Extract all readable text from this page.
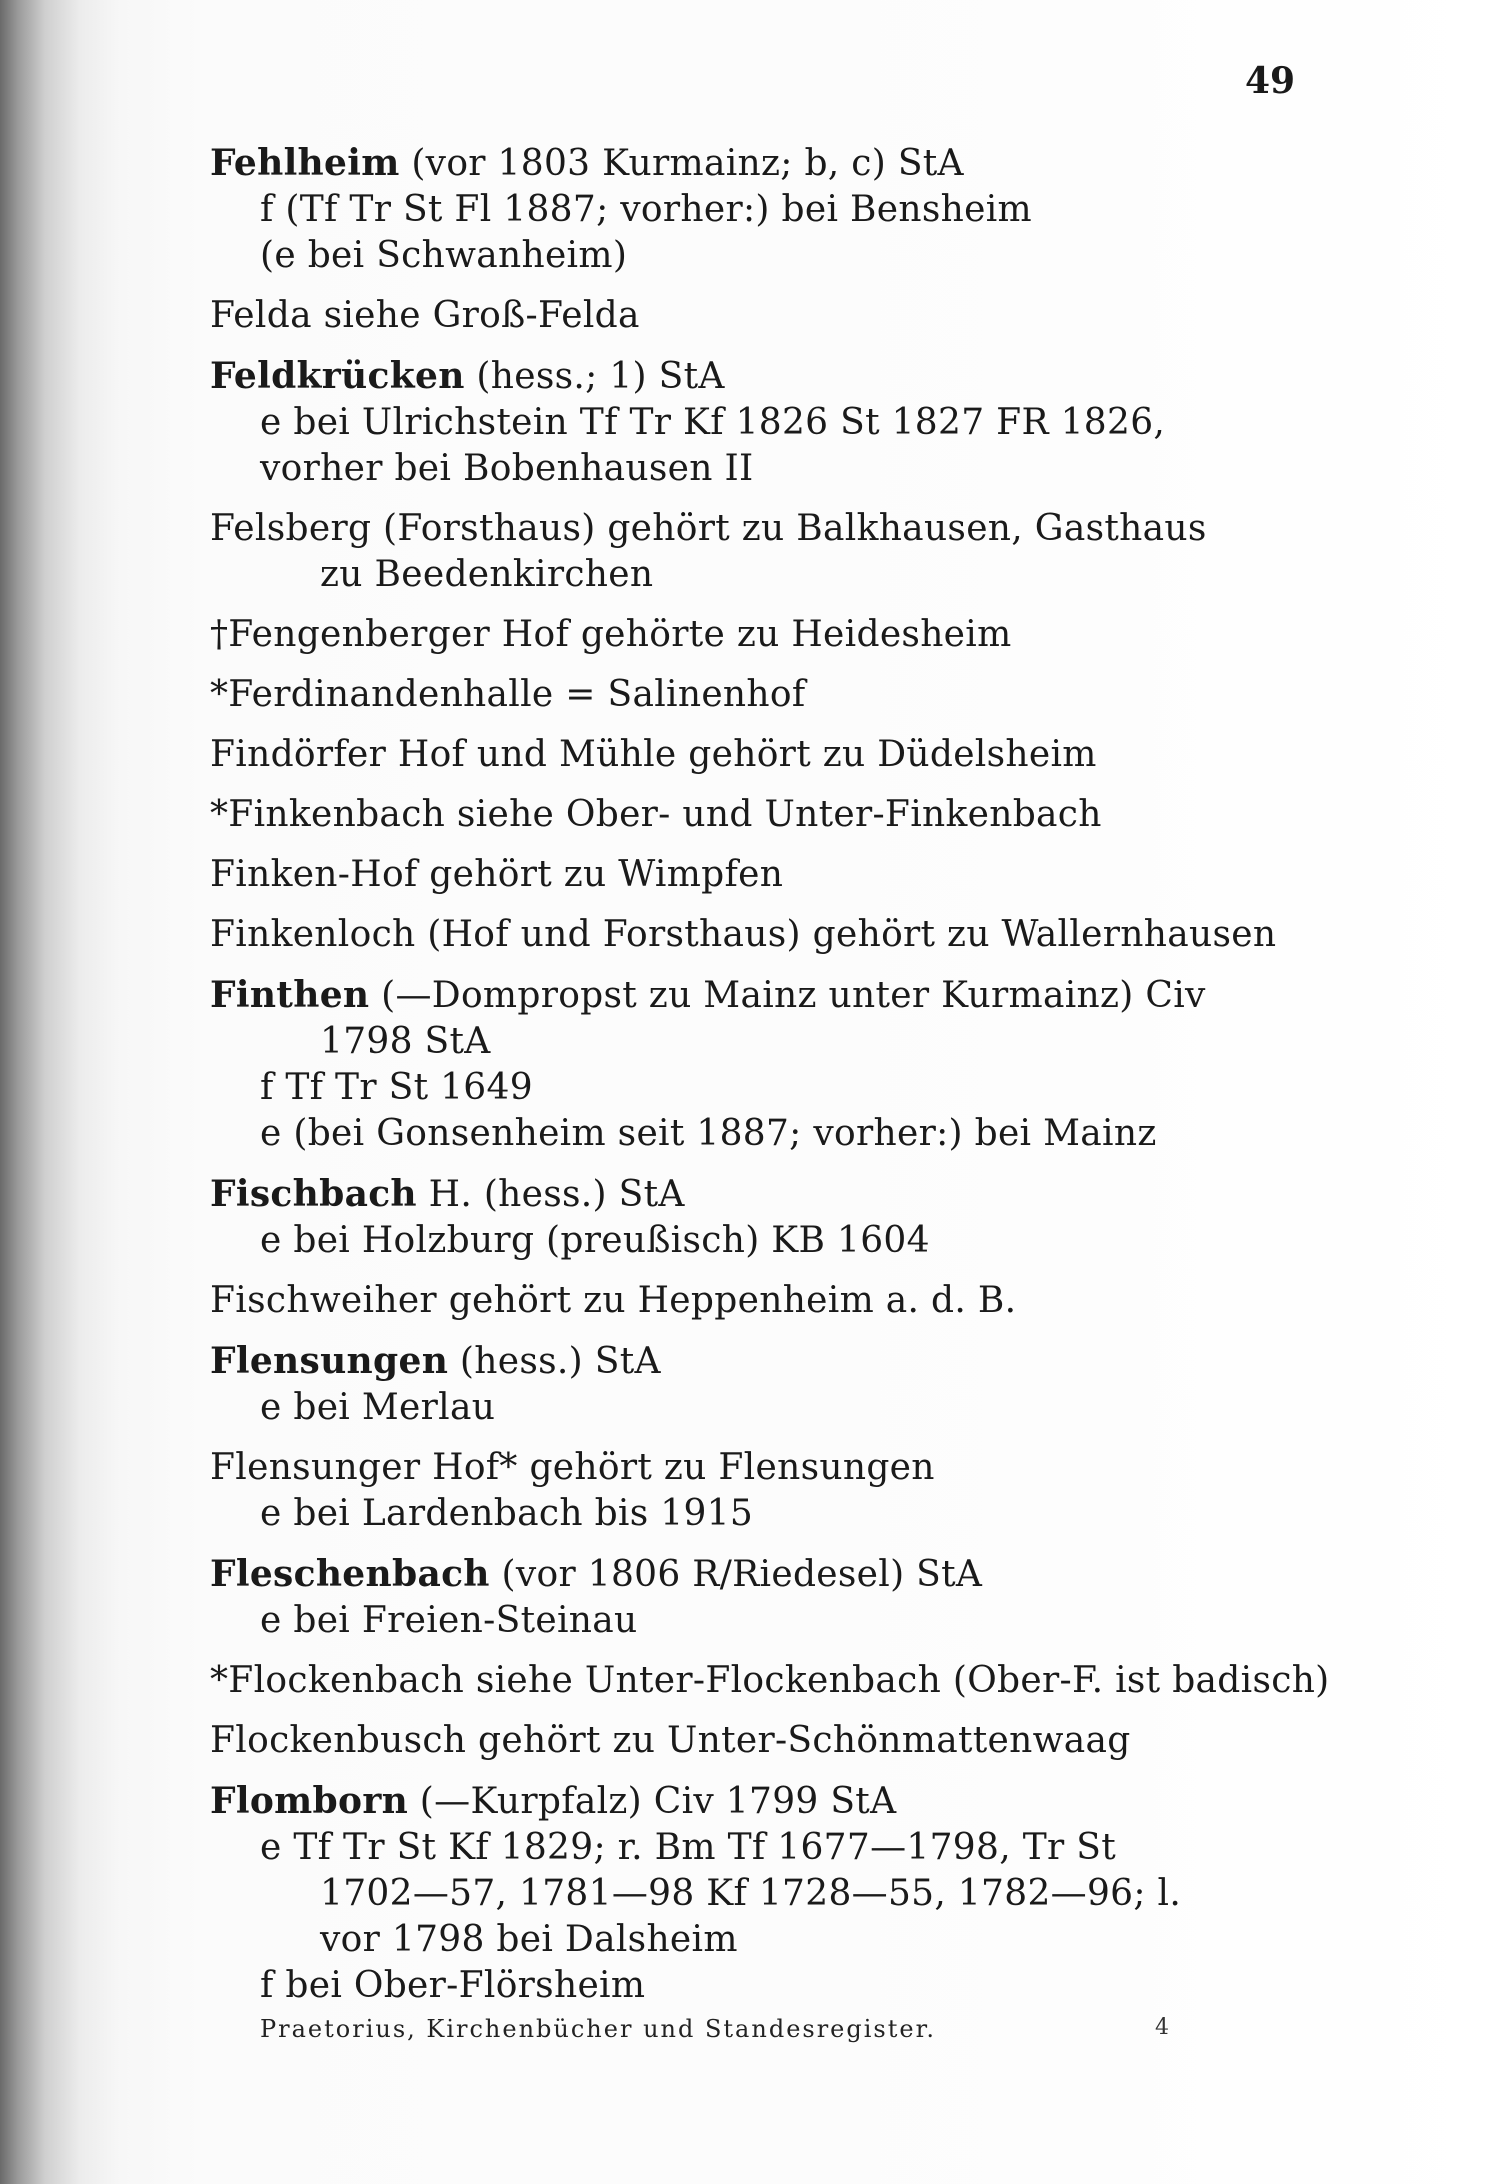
49
Fehlheim (vor 1803 Kurmainz; b, c) StA
f (Tf Tr St Fl 1887; vorher:) bei Bensheim
(e bei Schwanheim)
Felda siehe Groß-Felda
Feldkrücken (hess.; 1) StA
e bei Ulrichstein Tf Tr Kf 1826 St 1827 FR 1826,
vorher bei Bobenhausen II
Felsberg (Forsthaus) gehört zu Balkhausen, Gasthaus
zu Beedenkirchen
†Fengenberger Hof gehörte zu Heidesheim
*Ferdinandenhalle = Salinenhof
Findörfer Hof und Mühle gehört zu Düdelsheim
*Finkenbach siehe Ober- und Unter-Finkenbach
Finken-Hof gehört zu Wimpfen
Finkenloch (Hof und Forsthaus) gehört zu Wallernhausen
Finthen (—Dompropst zu Mainz unter Kurmainz) Civ
1798 StA
f Tf Tr St 1649
e (bei Gonsenheim seit 1887; vorher:) bei Mainz
Fischbach H. (hess.) StA
e bei Holzburg (preußisch) KB 1604
Fischweiher gehört zu Heppenheim a. d. B.
Flensungen (hess.) StA
e bei Merlau
Flensunger Hof* gehört zu Flensungen
e bei Lardenbach bis 1915
Fleschenbach (vor 1806 R/Riedesel) StA
e bei Freien-Steinau
*Flockenbach siehe Unter-Flockenbach (Ober-F. ist badisch)
Flockenbusch gehört zu Unter-Schönmattenwaag
Flomborn (—Kurpfalz) Civ 1799 StA
e Tf Tr St Kf 1829; r. Bm Tf 1677—1798, Tr St
1702—57, 1781—98 Kf 1728—55, 1782—96; l.
vor 1798 bei Dalsheim
f bei Ober-Flörsheim
Praetorius, Kirchenbücher und Standesregister.	4
